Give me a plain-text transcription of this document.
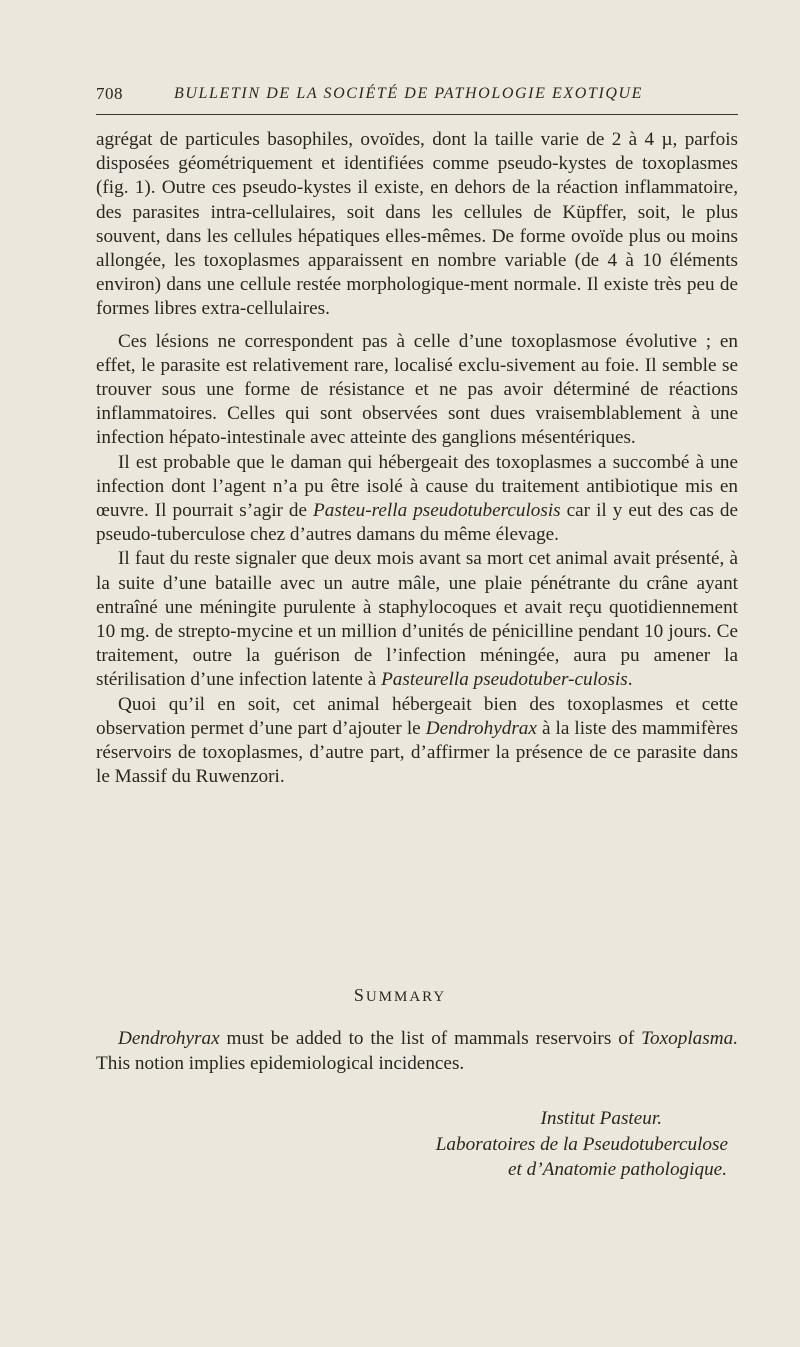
708	BULLETIN DE LA SOCIÉTÉ DE PATHOLOGIE EXOTIQUE

agrégat de particules basophiles, ovoïdes, dont la taille varie de 2 à 4 µ, parfois disposées géométriquement et identifiées comme pseudo-kystes de toxoplasmes (fig. 1). Outre ces pseudo-kystes il existe, en dehors de la réaction inflammatoire, des parasites intra-cellulaires, soit dans les cellules de Küpffer, soit, le plus souvent, dans les cellules hépatiques elles-mêmes. De forme ovoïde plus ou moins allongée, les toxoplasmes apparaissent en nombre variable (de 4 à 10 éléments environ) dans une cellule restée morphologique-ment normale. Il existe très peu de formes libres extra-cellulaires.

Ces lésions ne correspondent pas à celle d’une toxoplasmose évolutive ; en effet, le parasite est relativement rare, localisé exclu-sivement au foie. Il semble se trouver sous une forme de résistance et ne pas avoir déterminé de réactions inflammatoires. Celles qui sont observées sont dues vraisemblablement à une infection hépato-intestinale avec atteinte des ganglions mésentériques.

Il est probable que le daman qui hébergeait des toxoplasmes a succombé à une infection dont l’agent n’a pu être isolé à cause du traitement antibiotique mis en œuvre. Il pourrait s’agir de Pasteu-rella pseudotuberculosis car il y eut des cas de pseudo-tuberculose chez d’autres damans du même élevage.

Il faut du reste signaler que deux mois avant sa mort cet animal avait présenté, à la suite d’une bataille avec un autre mâle, une plaie pénétrante du crâne ayant entraîné une méningite purulente à staphylocoques et avait reçu quotidiennement 10 mg. de strepto-mycine et un million d’unités de pénicilline pendant 10 jours. Ce traitement, outre la guérison de l’infection méningée, aura pu amener la stérilisation d’une infection latente à Pasteurella pseudotuber-culosis.

Quoi qu’il en soit, cet animal hébergeait bien des toxoplasmes et cette observation permet d’une part d’ajouter le Dendrohydrax à la liste des mammifères réservoirs de toxoplasmes, d’autre part, d’affirmer la présence de ce parasite dans le Massif du Ruwenzori.

SUMMARY
Dendrohyrax must be added to the list of mammals reservoirs of Toxoplasma. This notion implies epidemiological incidences.
Institut Pasteur.
Laboratoires de la Pseudotuberculose
et d’Anatomie pathologique.
